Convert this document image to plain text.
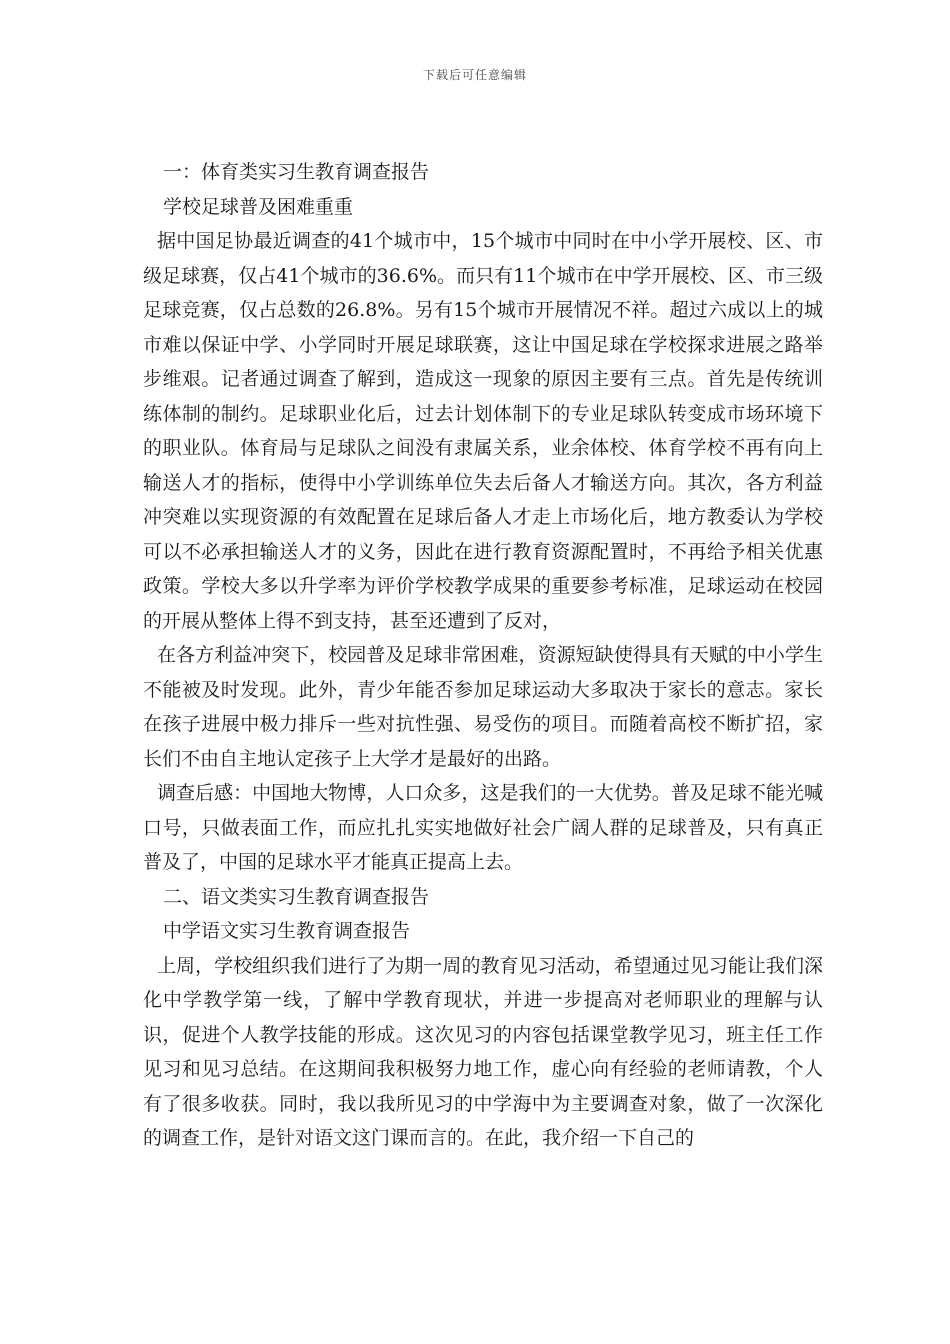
下载后可任意编辑

一：体育类实习生教育调查报告

学校足球普及困难重重

据中国足协最近调查的41个城市中，15个城市中同时在中小学开展校、区、市级足球赛，仅占41个城市的36.6%。而只有11个城市在中学开展校、区、市三级足球竞赛，仅占总数的26.8%。另有15个城市开展情况不祥。超过六成以上的城市难以保证中学、小学同时开展足球联赛，这让中国足球在学校探求进展之路举步维艰。记者通过调查了解到，造成这一现象的原因主要有三点。首先是传统训练体制的制约。足球职业化后，过去计划体制下的专业足球队转变成市场环境下的职业队。体育局与足球队之间没有隶属关系，业余体校、体育学校不再有向上输送人才的指标，使得中小学训练单位失去后备人才输送方向。其次，各方利益冲突难以实现资源的有效配置在足球后备人才走上市场化后，地方教委认为学校可以不必承担输送人才的义务，因此在进行教育资源配置时，不再给予相关优惠政策。学校大多以升学率为评价学校教学成果的重要参考标准，足球运动在校园的开展从整体上得不到支持，甚至还遭到了反对，

在各方利益冲突下，校园普及足球非常困难，资源短缺使得具有天赋的中小学生不能被及时发现。此外，青少年能否参加足球运动大多取决于家长的意志。家长在孩子进展中极力排斥一些对抗性强、易受伤的项目。而随着高校不断扩招，家长们不由自主地认定孩子上大学才是最好的出路。

调查后感：中国地大物博，人口众多，这是我们的一大优势。普及足球不能光喊口号，只做表面工作，而应扎扎实实地做好社会广阔人群的足球普及，只有真正普及了，中国的足球水平才能真正提高上去。

二、语文类实习生教育调查报告

中学语文实习生教育调查报告

上周，学校组织我们进行了为期一周的教育见习活动，希望通过见习能让我们深化中学教学第一线，了解中学教育现状，并进一步提高对老师职业的理解与认识，促进个人教学技能的形成。这次见习的内容包括课堂教学见习，班主任工作见习和见习总结。在这期间我积极努力地工作，虚心向有经验的老师请教，个人有了很多收获。同时，我以我所见习的中学海中为主要调查对象，做了一次深化的调查工作，是针对语文这门课而言的。在此，我介绍一下自己的
